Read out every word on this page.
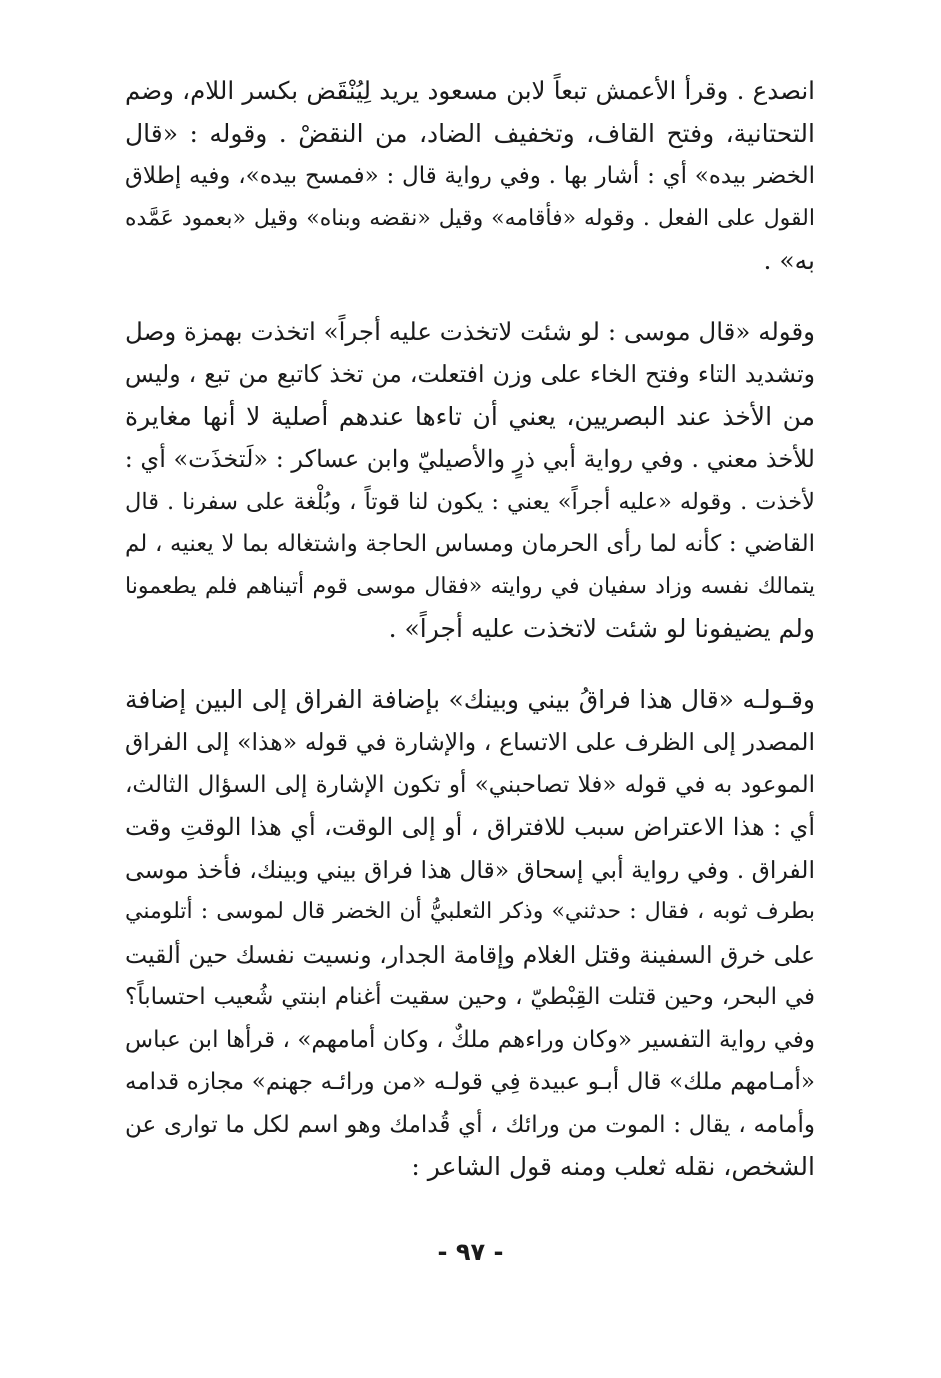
انصدع . وقرأ الأعمش تبعاً لابن مسعود يريد لِيُنْقَض بكسر اللام، وضم
التحتانية، وفتح القاف، وتخفيف الضاد، من النقضْ . وقوله : «قال
الخضر بيده» أي : أشار بها . وفي رواية قال : «فمسح بيده»، وفيه إطلاق
القول على الفعل . وقوله «فأقامه» وقيل «نقضه وبناه» وقيل «بعمود عَمَّده
به» .

وقوله «قال موسى : لو شئت لاتخذت عليه أجراً» اتخذت بهمزة وصل
وتشديد التاء وفتح الخاء على وزن افتعلت، من تخذ كاتبع من تبع ، وليس
من الأخذ عند البصريين، يعني أن تاءها عندهم أصلية لا أنها مغايرة
للأخذ معني . وفي رواية أبي ذرٍ والأصيليّ وابن عساكر : «لَتخذَت» أي :
لأخذت . وقوله «عليه أجراً» يعني : يكون لنا قوتاً ، وبُلْغة على سفرنا . قال
القاضي : كأنه لما رأى الحرمان ومساس الحاجة واشتغاله بما لا يعنيه ، لم
يتمالك نفسه وزاد سفيان في روايته «فقال موسى قوم أتيناهم فلم يطعمونا
ولم يضيفونا لو شئت لاتخذت عليه أجراً» .

وقـولـه «قال هذا فراقُ بيني وبينك» بإضافة الفراق إلى البين إضافة
المصدر إلى الظرف على الاتساع ، والإشارة في قوله «هذا» إلى الفراق
الموعود به في قوله «فلا تصاحبني» أو تكون الإشارة إلى السؤال الثالث،
أي : هذا الاعتراض سبب للافتراق ، أو إلى الوقت، أي هذا الوقتِ وقت
الفراق . وفي رواية أبي إسحاق «قال هذا فراق بيني وبينك، فأخذ موسى
بطرف ثوبه ، فقال : حدثني» وذكر الثعلبيُّ أن الخضر قال لموسى : أتلومني
على خرق السفينة وقتل الغلام وإقامة الجدار، ونسيت نفسك حين ألقيت
في البحر، وحين قتلت القِبْطيّ ، وحين سقيت أغنام ابنتي شُعيب احتساباً؟
وفي رواية التفسير «وكان وراءهم ملكٌ ، وكان أمامهم» ، قرأها ابن عباس
«أمـامهم ملك» قال أبـو عبيدة فِي قولـه «من ورائـه جهنم» مجازه قدامه
وأمامه ، يقال : الموت من ورائك ، أي قُدامك وهو اسم لكل ما توارى عن
الشخص، نقله ثعلب ومنه قول الشاعر :

- ٩٧ -
